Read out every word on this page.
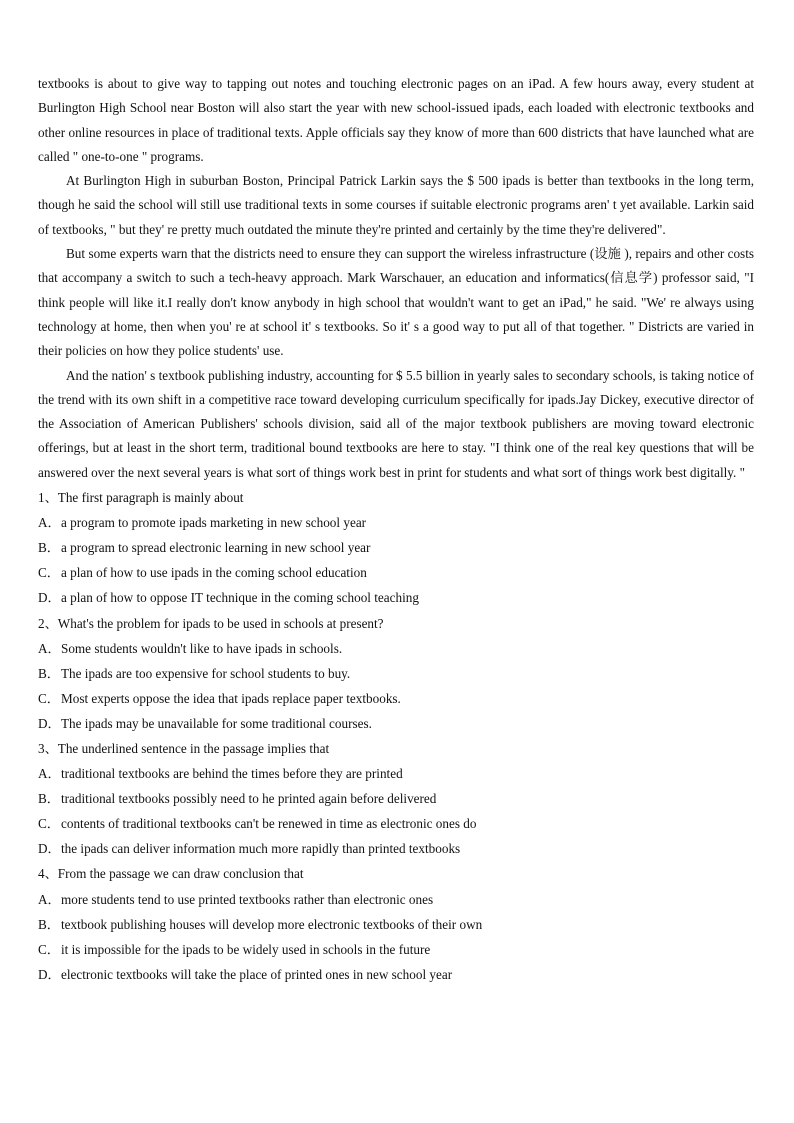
textbooks is about to give way to tapping out notes and touching electronic pages on an iPad. A few hours away, every student at Burlington High School near Boston will also start the year with new school-issued ipads, each loaded with electronic textbooks and other online resources in place of traditional texts. Apple officials say they know of more than 600 districts that have launched what are called " one-to-one " programs.

At Burlington High in suburban Boston, Principal Patrick Larkin says the $ 500 ipads is better than textbooks in the long term, though he said the school will still use traditional texts in some courses if suitable electronic programs aren' t yet available. Larkin said of textbooks, " but they' re pretty much outdated the minute they're printed and certainly by the time they're delivered".

But some experts warn that the districts need to ensure they can support the wireless infrastructure (设施 ), repairs and other costs that accompany a switch to such a tech-heavy approach. Mark Warschauer, an education and informatics(信息学) professor said, "I think people will like it.I really don't know anybody in high school that wouldn't want to get an iPad," he said. "We' re always using technology at home, then when you' re at school it' s textbooks. So it' s a good way to put all of that together. " Districts are varied in their policies on how they police students' use.

And the nation' s textbook publishing industry, accounting for $ 5.5 billion in yearly sales to secondary schools, is taking notice of the trend with its own shift in a competitive race toward developing curriculum specifically for ipads.Jay Dickey, executive director of the Association of American Publishers' schools division, said all of the major textbook publishers are moving toward electronic offerings, but at least in the short term, traditional bound textbooks are here to stay. "I think one of the real key questions that will be answered over the next several years is what sort of things work best in print for students and what sort of things work best digitally. "

1、The first paragraph is mainly about
A．a program to promote ipads marketing in new school year
B．a program to spread electronic learning in new school year
C．a plan of how to use ipads in the coming school education
D．a plan of how to oppose IT technique in the coming school teaching
2、What's the problem for ipads to be used in schools at present?
A．Some students wouldn't like to have ipads in schools.
B．The ipads are too expensive for school students to buy.
C．Most experts oppose the idea that ipads replace paper textbooks.
D．The ipads may be unavailable for some traditional courses.
3、The underlined sentence in the passage implies that
A．traditional textbooks are behind the times before they are printed
B．traditional textbooks possibly need to he printed again before delivered
C．contents of traditional textbooks can't be renewed in time as electronic ones do
D．the ipads can deliver information much more rapidly than printed textbooks
4、From the passage we can draw conclusion that
A．more students tend to use printed textbooks rather than electronic ones
B．textbook publishing houses will develop more electronic textbooks of their own
C．it is impossible for the ipads to be widely used in schools in the future
D．electronic textbooks will take the place of printed ones in new school year
